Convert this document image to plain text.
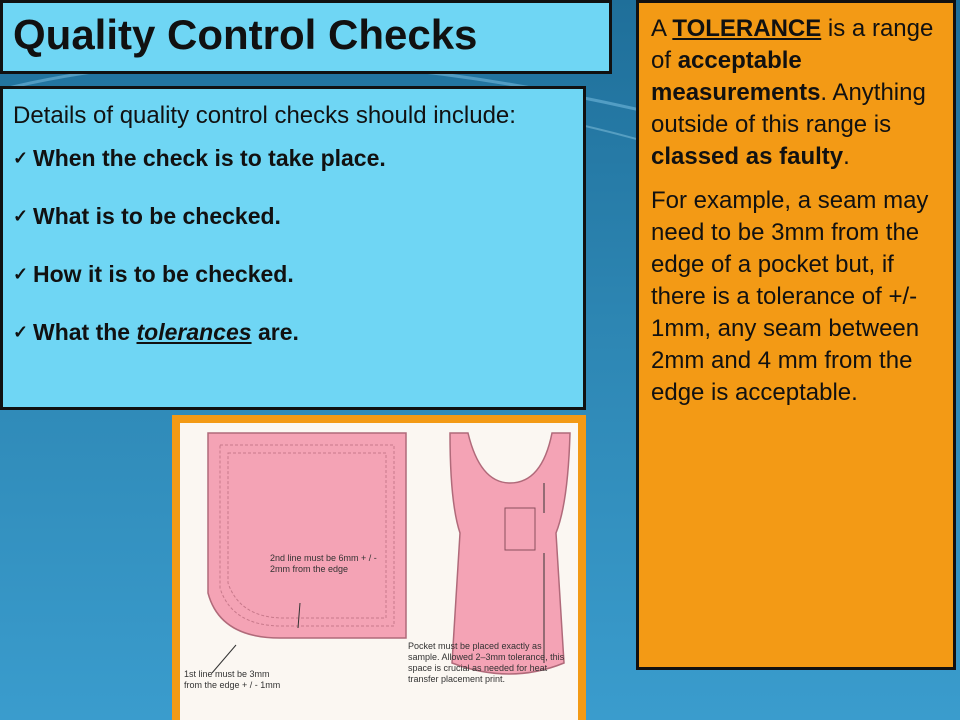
Quality Control Checks

Details of quality control checks should include:

✓ When the check is to take place.
✓ What is to be checked.
✓ How it is to be checked.
✓ What the tolerances are.

A TOLERANCE is a range of acceptable measurements. Anything outside of this range is classed as faulty.

For example, a seam may need to be 3mm from the edge of a pocket but, if there is a tolerance of +/- 1mm, any seam between 2mm and 4 mm from the edge is acceptable.

2nd line must be 6mm + / - 2mm from the edge
1st line must be 3mm from the edge + / - 1mm
Pocket must be placed exactly as sample. Allowed 2–3mm tolerance, this space is crucial as needed for heat transfer placement print.
